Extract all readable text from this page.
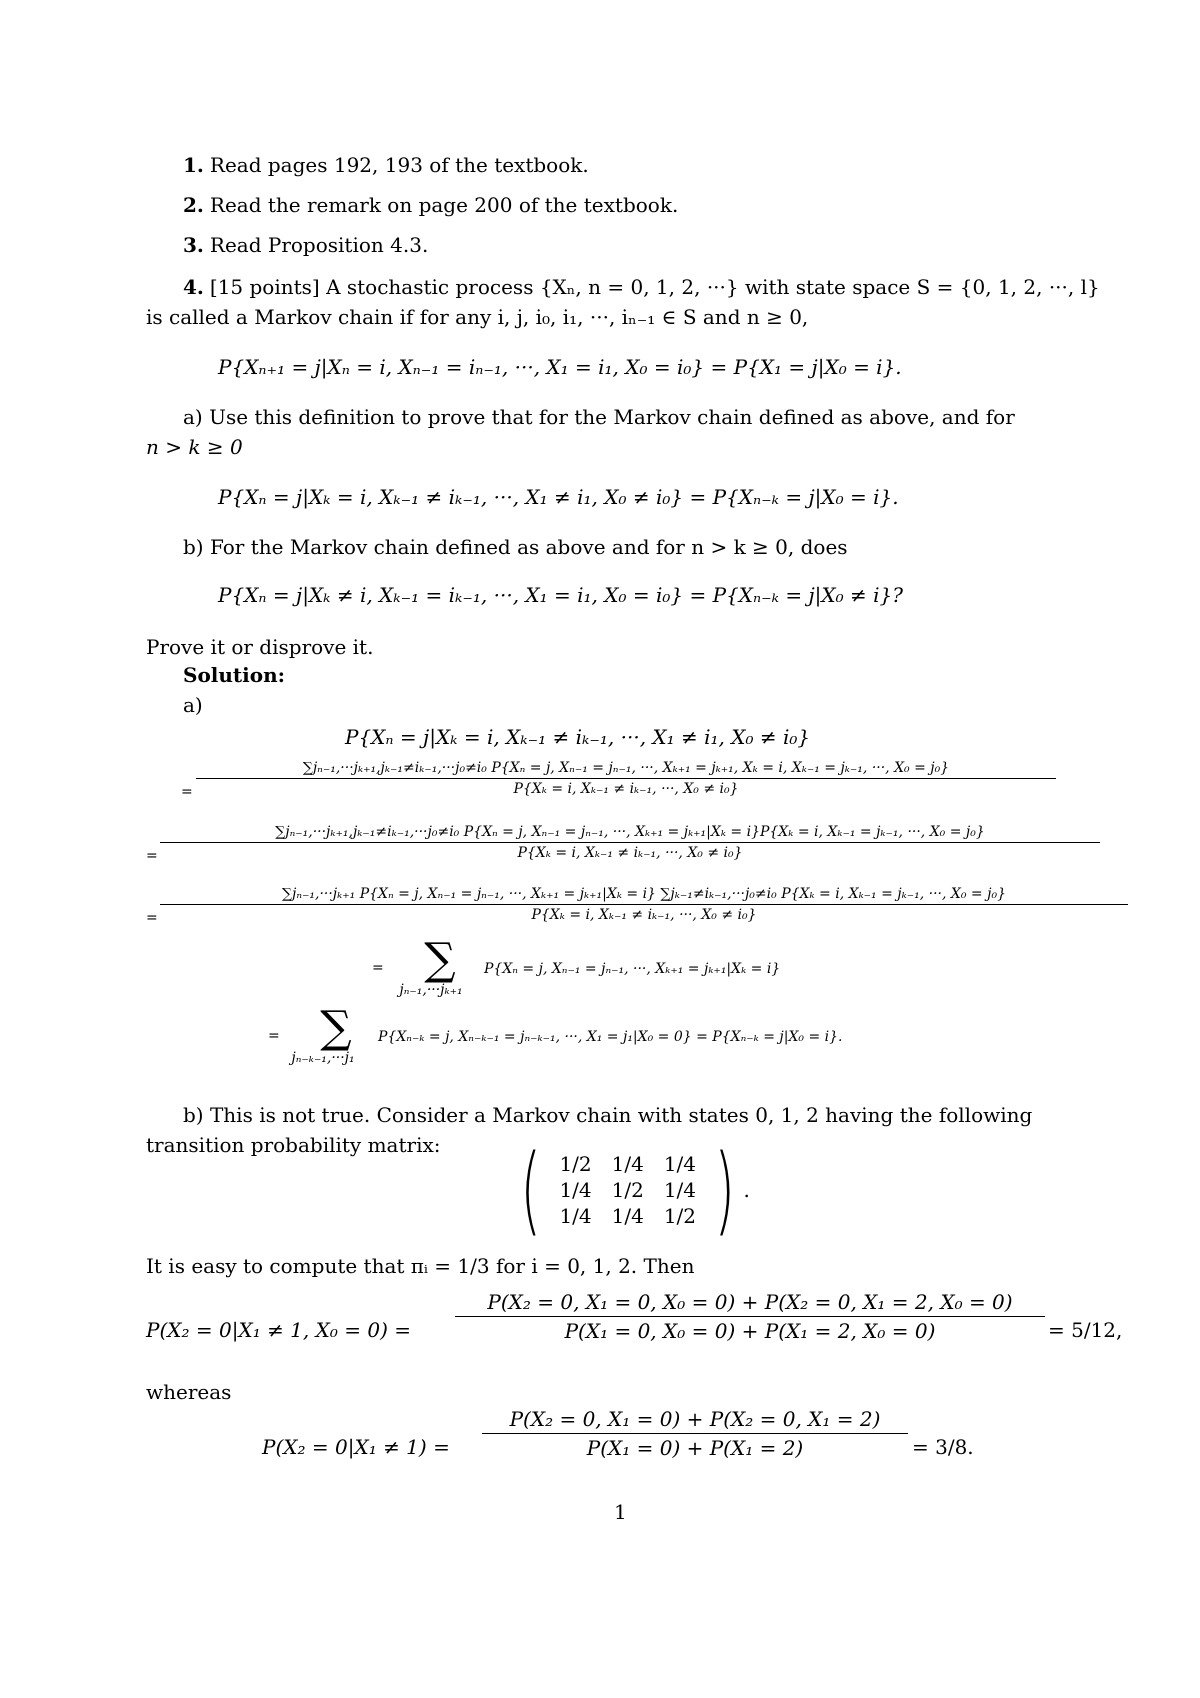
1. Read pages 192, 193 of the textbook.
2. Read the remark on page 200 of the textbook.
3. Read Proposition 4.3.
4. [15 points] A stochastic process {Xₙ, n = 0, 1, 2, ···} with state space S = {0, 1, 2, ···, l}
is called a Markov chain if for any i, j, i₀, i₁, ···, iₙ₋₁ ∈ S and n ≥ 0,
P{Xₙ₊₁ = j|Xₙ = i, Xₙ₋₁ = iₙ₋₁, ···, X₁ = i₁, X₀ = i₀} = P{X₁ = j|X₀ = i}.
a) Use this definition to prove that for the Markov chain defined as above, and for
n > k ≥ 0
P{Xₙ = j|Xₖ = i, Xₖ₋₁ ≠ iₖ₋₁, ···, X₁ ≠ i₁, X₀ ≠ i₀} = P{Xₙ₋ₖ = j|X₀ = i}.
b) For the Markov chain defined as above and for n > k ≥ 0, does
P{Xₙ = j|Xₖ ≠ i, Xₖ₋₁ = iₖ₋₁, ···, X₁ = i₁, X₀ = i₀} = P{Xₙ₋ₖ = j|X₀ ≠ i}?
Prove it or disprove it.
Solution:
a)
P{Xₙ = j|Xₖ = i, Xₖ₋₁ ≠ iₖ₋₁, ···, X₁ ≠ i₁, X₀ ≠ i₀}
=
∑jₙ₋₁,···jₖ₊₁,jₖ₋₁≠iₖ₋₁,···j₀≠i₀ P{Xₙ = j, Xₙ₋₁ = jₙ₋₁, ···, Xₖ₊₁ = jₖ₊₁, Xₖ = i, Xₖ₋₁ = jₖ₋₁, ···, X₀ = j₀}
P{Xₖ = i, Xₖ₋₁ ≠ iₖ₋₁, ···, X₀ ≠ i₀}
=
∑jₙ₋₁,···jₖ₊₁,jₖ₋₁≠iₖ₋₁,···j₀≠i₀ P{Xₙ = j, Xₙ₋₁ = jₙ₋₁, ···, Xₖ₊₁ = jₖ₊₁|Xₖ = i}P{Xₖ = i, Xₖ₋₁ = jₖ₋₁, ···, X₀ = j₀}
P{Xₖ = i, Xₖ₋₁ ≠ iₖ₋₁, ···, X₀ ≠ i₀}
=
∑jₙ₋₁,···jₖ₊₁ P{Xₙ = j, Xₙ₋₁ = jₙ₋₁, ···, Xₖ₊₁ = jₖ₊₁|Xₖ = i} ∑jₖ₋₁≠iₖ₋₁,···j₀≠i₀ P{Xₖ = i, Xₖ₋₁ = jₖ₋₁, ···, X₀ = j₀}
P{Xₖ = i, Xₖ₋₁ ≠ iₖ₋₁, ···, X₀ ≠ i₀}
= ∑
jₙ₋₁,···jₖ₊₁
P{Xₙ = j, Xₙ₋₁ = jₙ₋₁, ···, Xₖ₊₁ = jₖ₊₁|Xₖ = i}
= ∑
jₙ₋ₖ₋₁,···j₁
P{Xₙ₋ₖ = j, Xₙ₋ₖ₋₁ = jₙ₋ₖ₋₁, ···, X₁ = j₁|X₀ = 0} = P{Xₙ₋ₖ = j|X₀ = i}.
b) This is not true. Consider a Markov chain with states 0, 1, 2 having the following
transition probability matrix: ( 1/2	1/4	1/4
1/4	1/2	1/4
1/4	1/4	1/2 ) .
It is easy to compute that πᵢ = 1/3 for i = 0, 1, 2. Then
P(X₂ = 0|X₁ ≠ 1, X₀ = 0) =
P(X₂ = 0, X₁ = 0, X₀ = 0) + P(X₂ = 0, X₁ = 2, X₀ = 0)
P(X₁ = 0, X₀ = 0) + P(X₁ = 2, X₀ = 0)	= 5/12,
whereas
P(X₂ = 0|X₁ ≠ 1) =
P(X₂ = 0, X₁ = 0) + P(X₂ = 0, X₁ = 2)
P(X₁ = 0) + P(X₁ = 2)	= 3/8.
1
